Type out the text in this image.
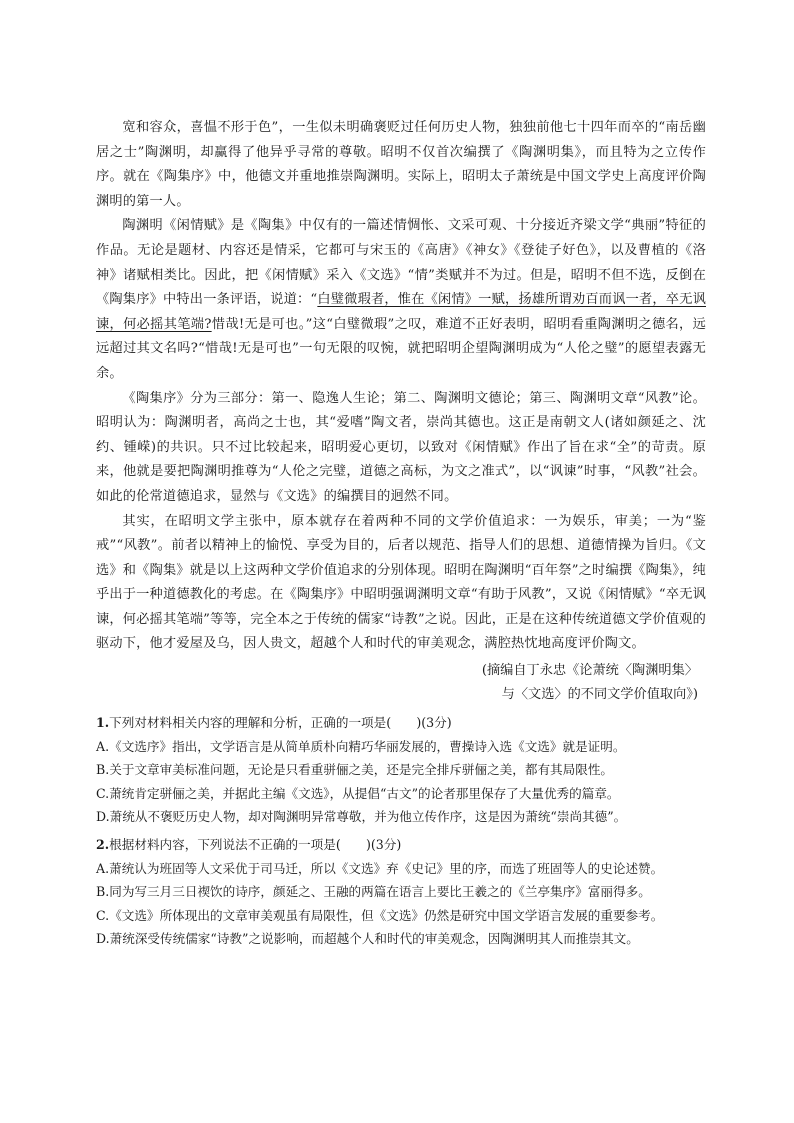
宽和容众，喜愠不形于色”，一生似未明确褒贬过任何历史人物，独独前他七十四年而卒的“南岳幽居之士”陶渊明，却赢得了他异乎寻常的尊敬。昭明不仅首次编撰了《陶渊明集》，而且特为之立传作序。就在《陶集序》中，他德文并重地推崇陶渊明。实际上，昭明太子萧统是中国文学史上高度评价陶渊明的第一人。

陶渊明《闲情赋》是《陶集》中仅有的一篇述情惆怅、文采可观、十分接近齐梁文学“典丽”特征的作品。无论是题材、内容还是情采，它都可与宋玉的《高唐》《神女》《登徒子好色》，以及曹植的《洛神》诸赋相类比。因此，把《闲情赋》采入《文选》“情”类赋并不为过。但是，昭明不但不选，反倒在《陶集序》中特出一条评语，说道：“白璧微瑕者，惟在《闲情》一赋，扬雄所谓劝百而讽一者，卒无讽谏，何必摇其笔端?惜哉!无是可也。”这“白璧微瑕”之叹，难道不正好表明，昭明看重陶渊明之德名，远远超过其文名吗?“惜哉!无是可也”一句无限的叹惋，就把昭明企望陶渊明成为“人伦之璧”的愿望表露无余。

《陶集序》分为三部分：第一、隐逸人生论；第二、陶渊明文德论；第三、陶渊明文章“风教”论。昭明认为：陶渊明者，高尚之士也，其“爱嗜”陶文者，崇尚其德也。这正是南朝文人(诸如颜延之、沈约、锺嵘)的共识。只不过比较起来，昭明爱心更切，以致对《闲情赋》作出了旨在求“全”的苛责。原来，他就是要把陶渊明推尊为“人伦之完璧，道德之高标，为文之准式”，以“讽谏”时事，“风教”社会。如此的伦常道德追求，显然与《文选》的编撰目的迥然不同。

其实，在昭明文学主张中，原本就存在着两种不同的文学价值追求：一为娱乐，审美；一为“鉴戒”“风教”。前者以精神上的愉悦、享受为目的，后者以规范、指导人们的思想、道德情操为旨归。《文选》和《陶集》就是以上这两种文学价值追求的分别体现。昭明在陶渊明“百年祭”之时编撰《陶集》，纯乎出于一种道德教化的考虑。在《陶集序》中昭明强调渊明文章“有助于风教”，又说《闲情赋》“卒无讽谏，何必摇其笔端”等等，完全本之于传统的儒家“诗教”之说。因此，正是在这种传统道德文学价值观的驱动下，他才爱屋及乌，因人贵文，超越个人和时代的审美观念，满腔热忱地高度评价陶文。

(摘编自丁永忠《论萧统〈陶渊明集〉
与〈文选〉的不同文学价值取向》)

1.下列对材料相关内容的理解和分析，正确的一项是(　　)(3分)

A.《文选序》指出，文学语言是从简单质朴向精巧华丽发展的，曹操诗入选《文选》就是证明。

B.关于文章审美标准问题，无论是只看重骈俪之美，还是完全排斥骈俪之美，都有其局限性。

C.萧统肯定骈俪之美，并据此主编《文选》，从提倡“古文”的论者那里保存了大量优秀的篇章。

D.萧统从不褒贬历史人物，却对陶渊明异常尊敬，并为他立传作序，这是因为萧统“崇尚其德”。

2.根据材料内容，下列说法不正确的一项是(　　)(3分)

A.萧统认为班固等人文采优于司马迁，所以《文选》弃《史记》里的序，而选了班固等人的史论述赞。

B.同为写三月三日禊饮的诗序，颜延之、王融的两篇在语言上要比王羲之的《兰亭集序》富丽得多。

C.《文选》所体现出的文章审美观虽有局限性，但《文选》仍然是研究中国文学语言发展的重要参考。

D.萧统深受传统儒家“诗教”之说影响，而超越个人和时代的审美观念，因陶渊明其人而推崇其文。
